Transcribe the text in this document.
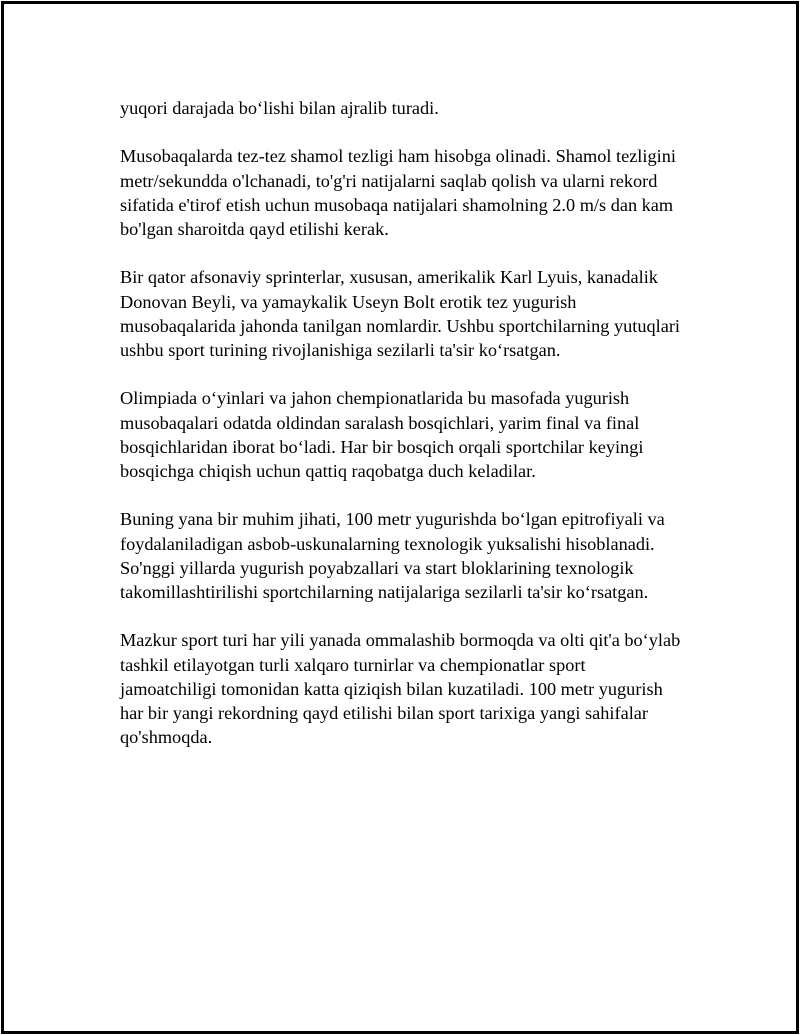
yuqori darajada bo‘lishi bilan ajralib turadi.

Musobaqalarda tez-tez shamol tezligi ham hisobga olinadi. Shamol tezligini
metr/sekundda o'lchanadi, to'g'ri natijalarni saqlab qolish va ularni rekord
sifatida e'tirof etish uchun musobaqa natijalari shamolning 2.0 m/s dan kam
bo'lgan sharoitda qayd etilishi kerak.

Bir qator afsonaviy sprinterlar, xususan, amerikalik Karl Lyuis, kanadalik
Donovan Beyli, va yamaykalik Useyn Bolt erotik tez yugurish
musobaqalarida jahonda tanilgan nomlardir. Ushbu sportchilarning yutuqlari
ushbu sport turining rivojlanishiga sezilarli ta'sir ko‘rsatgan.

Olimpiada o‘yinlari va jahon chempionatlarida bu masofada yugurish
musobaqalari odatda oldindan saralash bosqichlari, yarim final va final
bosqichlaridan iborat bo‘ladi. Har bir bosqich orqali sportchilar keyingi
bosqichga chiqish uchun qattiq raqobatga duch keladilar.

Buning yana bir muhim jihati, 100 metr yugurishda bo‘lgan epitrofiyali va
foydalaniladigan asbob-uskunalarning texnologik yuksalishi hisoblanadi.
So'nggi yillarda yugurish poyabzallari va start bloklarining texnologik
takomillashtirilishi sportchilarning natijalariga sezilarli ta'sir ko‘rsatgan.

Mazkur sport turi har yili yanada ommalashib bormoqda va olti qit'a bo‘ylab
tashkil etilayotgan turli xalqaro turnirlar va chempionatlar sport
jamoatchiligi tomonidan katta qiziqish bilan kuzatiladi. 100 metr yugurish
har bir yangi rekordning qayd etilishi bilan sport tarixiga yangi sahifalar
qo'shmoqda.
